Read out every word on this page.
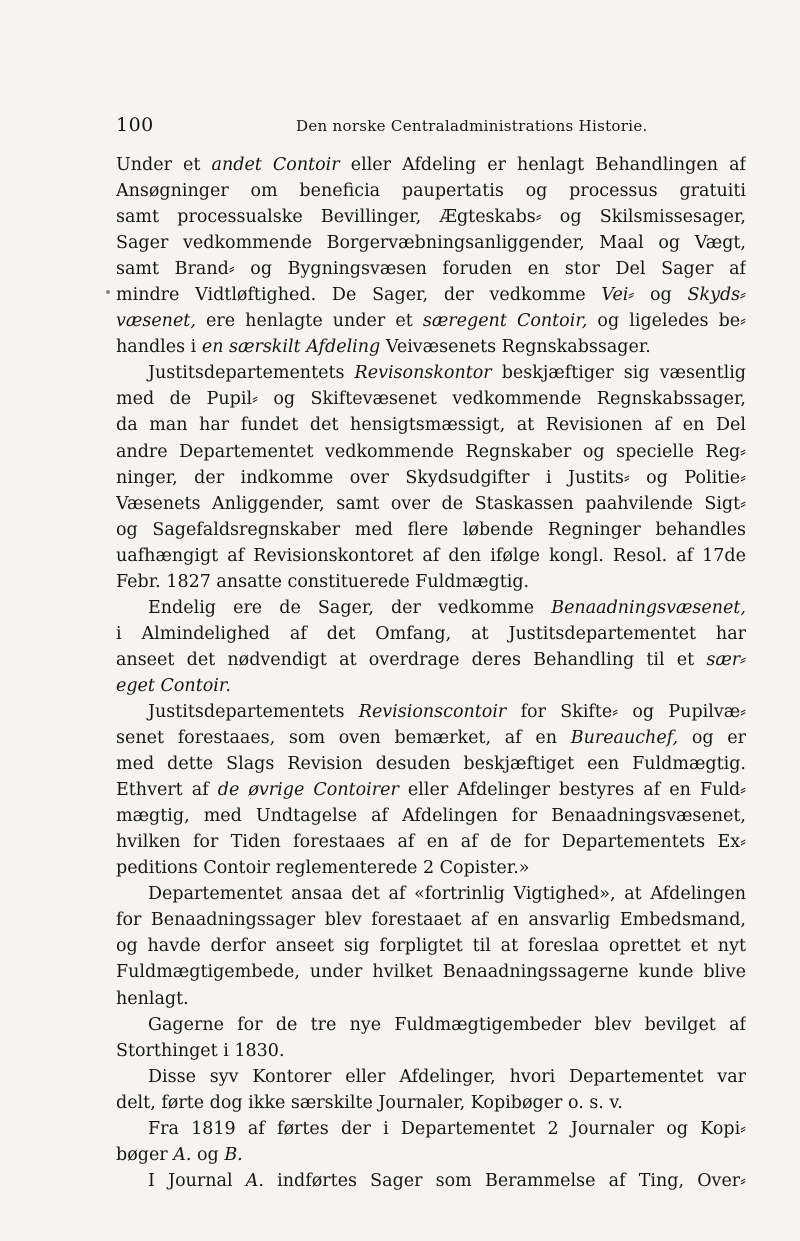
100	Den norske Centraladministrations Historie.
Under et andet Contoir eller Afdeling er henlagt Behandlingen af
Ansøgninger om beneficia paupertatis og processus gratuiti
samt processualske Bevillinger, Ægteskabs⸗ og Skilsmissesager,
Sager vedkommende Borgervæbningsanliggender, Maal og Vægt,
samt Brand⸗ og Bygningsvæsen foruden en stor Del Sager af
mindre Vidtløftighed. De Sager, der vedkomme Vei⸗ og Skyds⸗
væsenet, ere henlagte under et særegent Contoir, og ligeledes be⸗
handles i en særskilt Afdeling Veivæsenets Regnskabssager.
Justitsdepartementets Revisonskontor beskjæftiger sig væsentlig
med de Pupil⸗ og Skiftevæsenet vedkommende Regnskabssager,
da man har fundet det hensigtsmæssigt, at Revisionen af en Del
andre Departementet vedkommende Regnskaber og specielle Reg⸗
ninger, der indkomme over Skydsudgifter i Justits⸗ og Politie⸗
Væsenets Anliggender, samt over de Staskassen paahvilende Sigt⸗
og Sagefaldsregnskaber med flere løbende Regninger behandles
uafhængigt af Revisionskontoret af den ifølge kongl. Resol. af 17de
Febr. 1827 ansatte constituerede Fuldmægtig.
Endelig ere de Sager, der vedkomme Benaadningsvæsenet,
i Almindelighed af det Omfang, at Justitsdepartementet har
anseet det nødvendigt at overdrage deres Behandling til et sær⸗
eget Contoir.
Justitsdepartementets Revisionscontoir for Skifte⸗ og Pupilvæ⸗
senet forestaaes, som oven bemærket, af en Bureauchef, og er
med dette Slags Revision desuden beskjæftiget een Fuldmægtig.
Ethvert af de øvrige Contoirer eller Afdelinger bestyres af en Fuld⸗
mægtig, med Undtagelse af Afdelingen for Benaadningsvæsenet,
hvilken for Tiden forestaaes af en af de for Departementets Ex⸗
peditions Contoir reglementerede 2 Copister.»
Departementet ansaa det af «fortrinlig Vigtighed», at Afdelingen
for Benaadningssager blev forestaaet af en ansvarlig Embedsmand,
og havde derfor anseet sig forpligtet til at foreslaa oprettet et nyt
Fuldmægtigembede, under hvilket Benaadningssagerne kunde blive
henlagt.
Gagerne for de tre nye Fuldmægtigembeder blev bevilget af
Storthinget i 1830.
Disse syv Kontorer eller Afdelinger, hvori Departementet var
delt, førte dog ikke særskilte Journaler, Kopibøger o. s. v.
Fra 1819 af førtes der i Departementet 2 Journaler og Kopi⸗
bøger A. og B.
I Journal A. indførtes Sager som Berammelse af Ting, Over⸗
